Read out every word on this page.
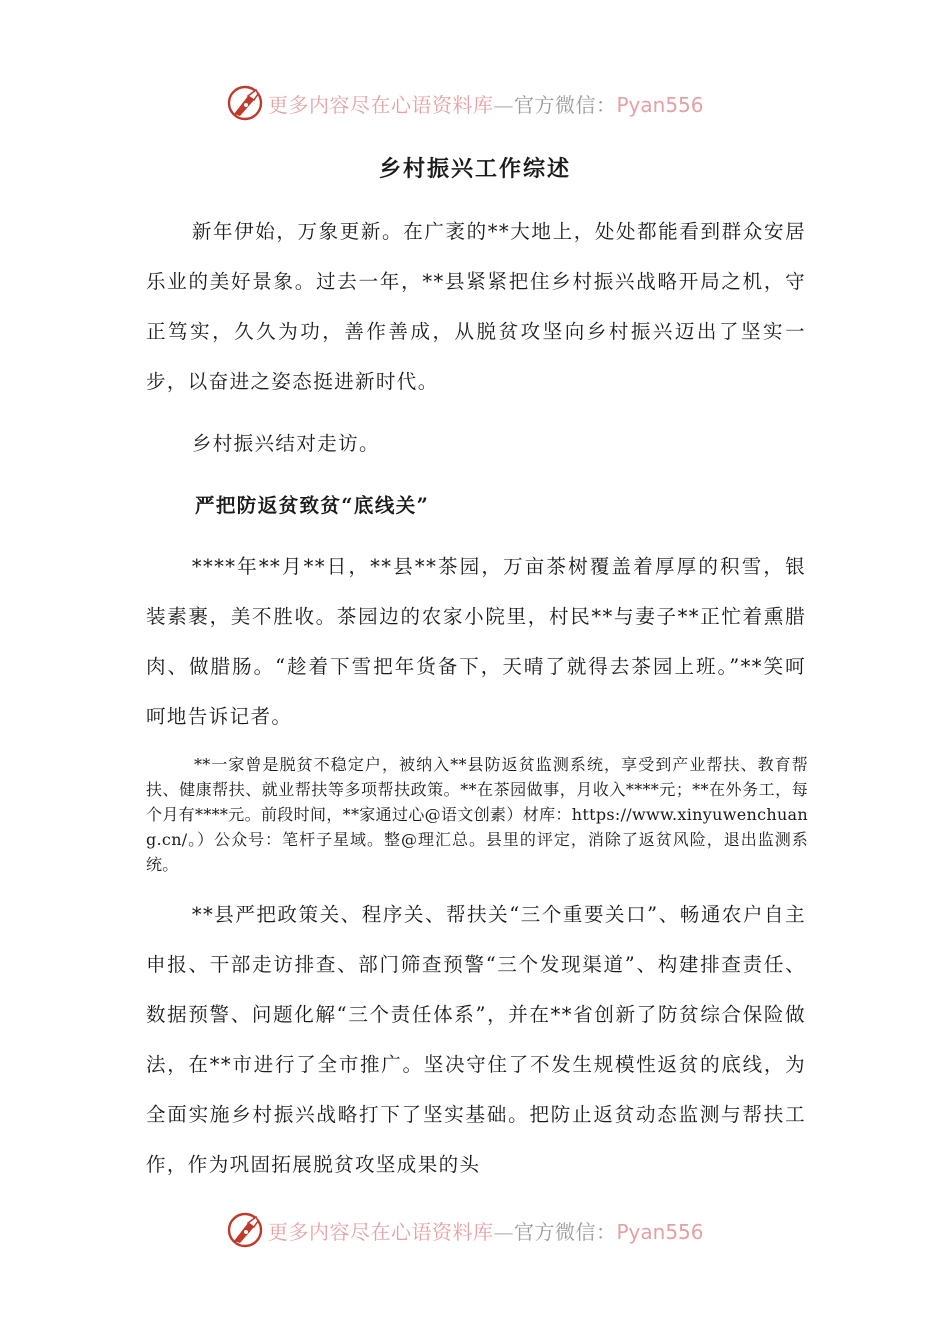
更多内容尽在心语资料库—官方微信：Pyan556
乡村振兴工作综述

新年伊始，万象更新。在广袤的**大地上，处处都能看到群众安居乐业的美好景象。过去一年，**县紧紧把住乡村振兴战略开局之机，守正笃实，久久为功，善作善成，从脱贫攻坚向乡村振兴迈出了坚实一步，以奋进之姿态挺进新时代。

乡村振兴结对走访。

严把防返贫致贫“底线关”

****年**月**日，**县**茶园，万亩茶树覆盖着厚厚的积雪，银装素裹，美不胜收。茶园边的农家小院里，村民**与妻子**正忙着熏腊肉、做腊肠。“趁着下雪把年货备下，天晴了就得去茶园上班。”**笑呵呵地告诉记者。

**一家曾是脱贫不稳定户，被纳入**县防返贫监测系统，享受到产业帮扶、教育帮扶、健康帮扶、就业帮扶等多项帮扶政策。**在茶园做事，月收入****元；**在外务工，每个月有****元。前段时间，**家通过心@语文创素）材库：https://www.xinyuwenchuang.cn/。）公众号：笔杆子星域。整@理汇总。县里的评定，消除了返贫风险，退出监测系统。

**县严把政策关、程序关、帮扶关“三个重要关口”、畅通农户自主申报、干部走访排查、部门筛查预警“三个发现渠道”、构建排查责任、数据预警、问题化解“三个责任体系”，并在**省创新了防贫综合保险做法，在**市进行了全市推广。坚决守住了不发生规模性返贫的底线，为全面实施乡村振兴战略打下了坚实基础。把防止返贫动态监测与帮扶工作，作为巩固拓展脱贫攻坚成果的头

更多内容尽在心语资料库—官方微信：Pyan556
